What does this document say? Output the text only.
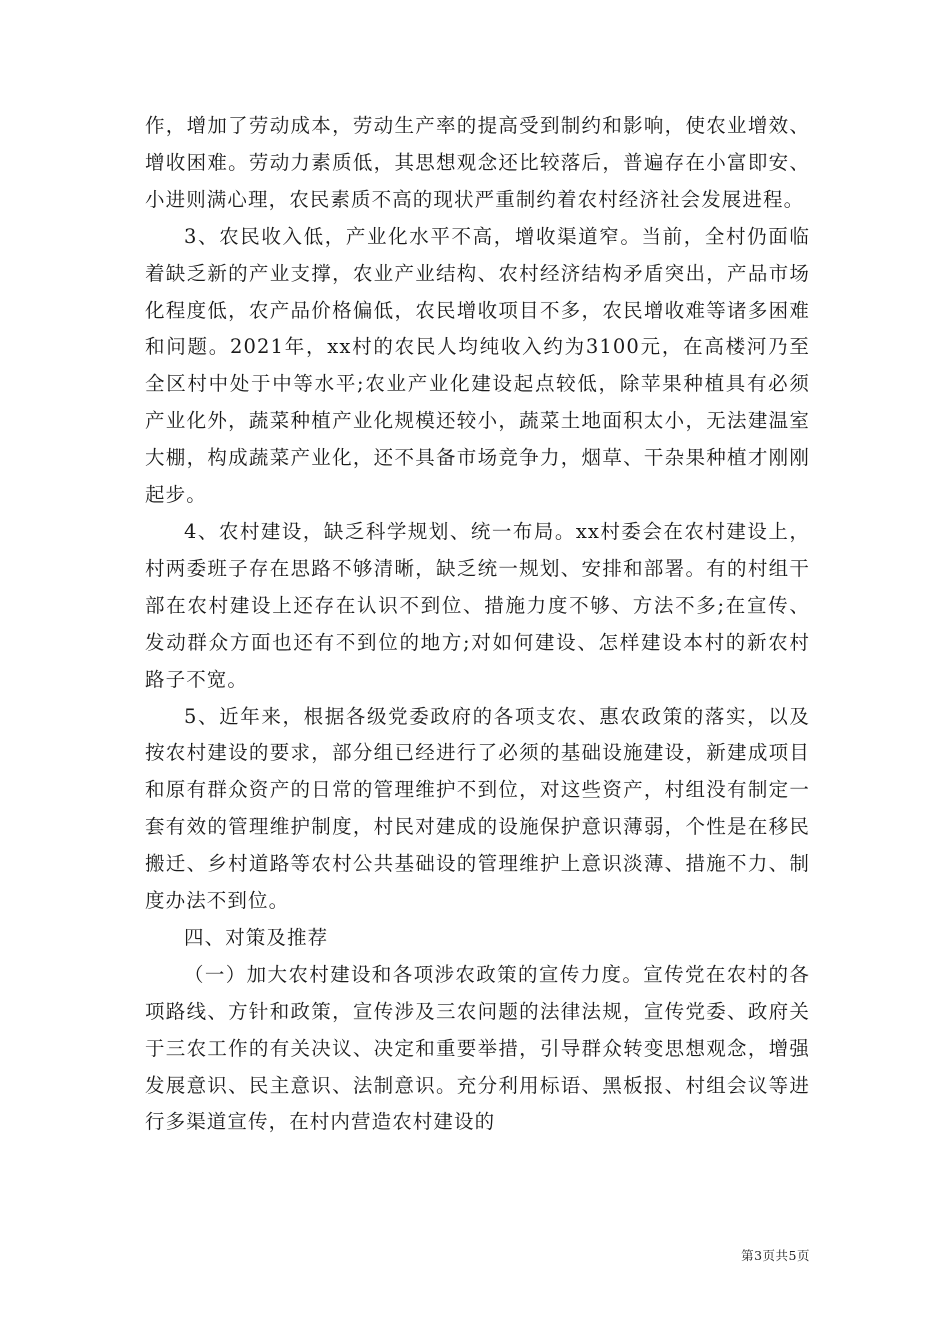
作，增加了劳动成本，劳动生产率的提高受到制约和影响，使农业增效、增收困难。劳动力素质低，其思想观念还比较落后，普遍存在小富即安、小进则满心理，农民素质不高的现状严重制约着农村经济社会发展进程。

3、农民收入低，产业化水平不高，增收渠道窄。当前，全村仍面临着缺乏新的产业支撑，农业产业结构、农村经济结构矛盾突出，产品市场化程度低，农产品价格偏低，农民增收项目不多，农民增收难等诸多困难和问题。2021年，xx村的农民人均纯收入约为3100元，在高楼河乃至全区村中处于中等水平;农业产业化建设起点较低，除苹果种植具有必须产业化外，蔬菜种植产业化规模还较小，蔬菜土地面积太小，无法建温室大棚，构成蔬菜产业化，还不具备市场竞争力，烟草、干杂果种植才刚刚起步。

4、农村建设，缺乏科学规划、统一布局。xx村委会在农村建设上，村两委班子存在思路不够清晰，缺乏统一规划、安排和部署。有的村组干部在农村建设上还存在认识不到位、措施力度不够、方法不多;在宣传、发动群众方面也还有不到位的地方;对如何建设、怎样建设本村的新农村路子不宽。

5、近年来，根据各级党委政府的各项支农、惠农政策的落实，以及按农村建设的要求，部分组已经进行了必须的基础设施建设，新建成项目和原有群众资产的日常的管理维护不到位，对这些资产，村组没有制定一套有效的管理维护制度，村民对建成的设施保护意识薄弱，个性是在移民搬迁、乡村道路等农村公共基础设的管理维护上意识淡薄、措施不力、制度办法不到位。

四、对策及推荐

（一）加大农村建设和各项涉农政策的宣传力度。宣传党在农村的各项路线、方针和政策，宣传涉及三农问题的法律法规，宣传党委、政府关于三农工作的有关决议、决定和重要举措，引导群众转变思想观念，增强发展意识、民主意识、法制意识。充分利用标语、黑板报、村组会议等进行多渠道宣传，在村内营造农村建设的

第3页共5页
